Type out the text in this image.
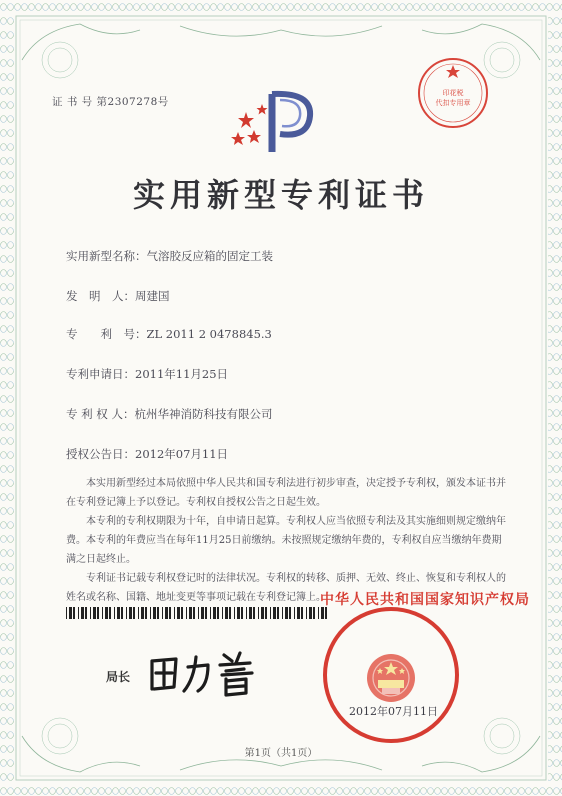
证 书 号 第2307278号
印花税
代扣专用章
实用新型专利证书
实用新型名称：气溶胶反应箱的固定工装
发　明　人：周建国
专　　利　号：ZL 2011 2 0478845.3
专利申请日：2011年11月25日
专 利 权 人：杭州华神消防科技有限公司
授权公告日：2012年07月11日
本实用新型经过本局依照中华人民共和国专利法进行初步审查，决定授予专利权，颁发本证书并在专利登记簿上予以登记。专利权自授权公告之日起生效。
本专利的专利权期限为十年，自申请日起算。专利权人应当依照专利法及其实施细则规定缴纳年费。本专利的年费应当在每年11月25日前缴纳。未按照规定缴纳年费的，专利权自应当缴纳年费期满之日起终止。
专利证书记载专利权登记时的法律状况。专利权的转移、质押、无效、终止、恢复和专利权人的姓名或名称、国籍、地址变更等事项记载在专利登记簿上。
局长
中华人民共和国国家知识产权局
2012年07月11日
第1页（共1页）
